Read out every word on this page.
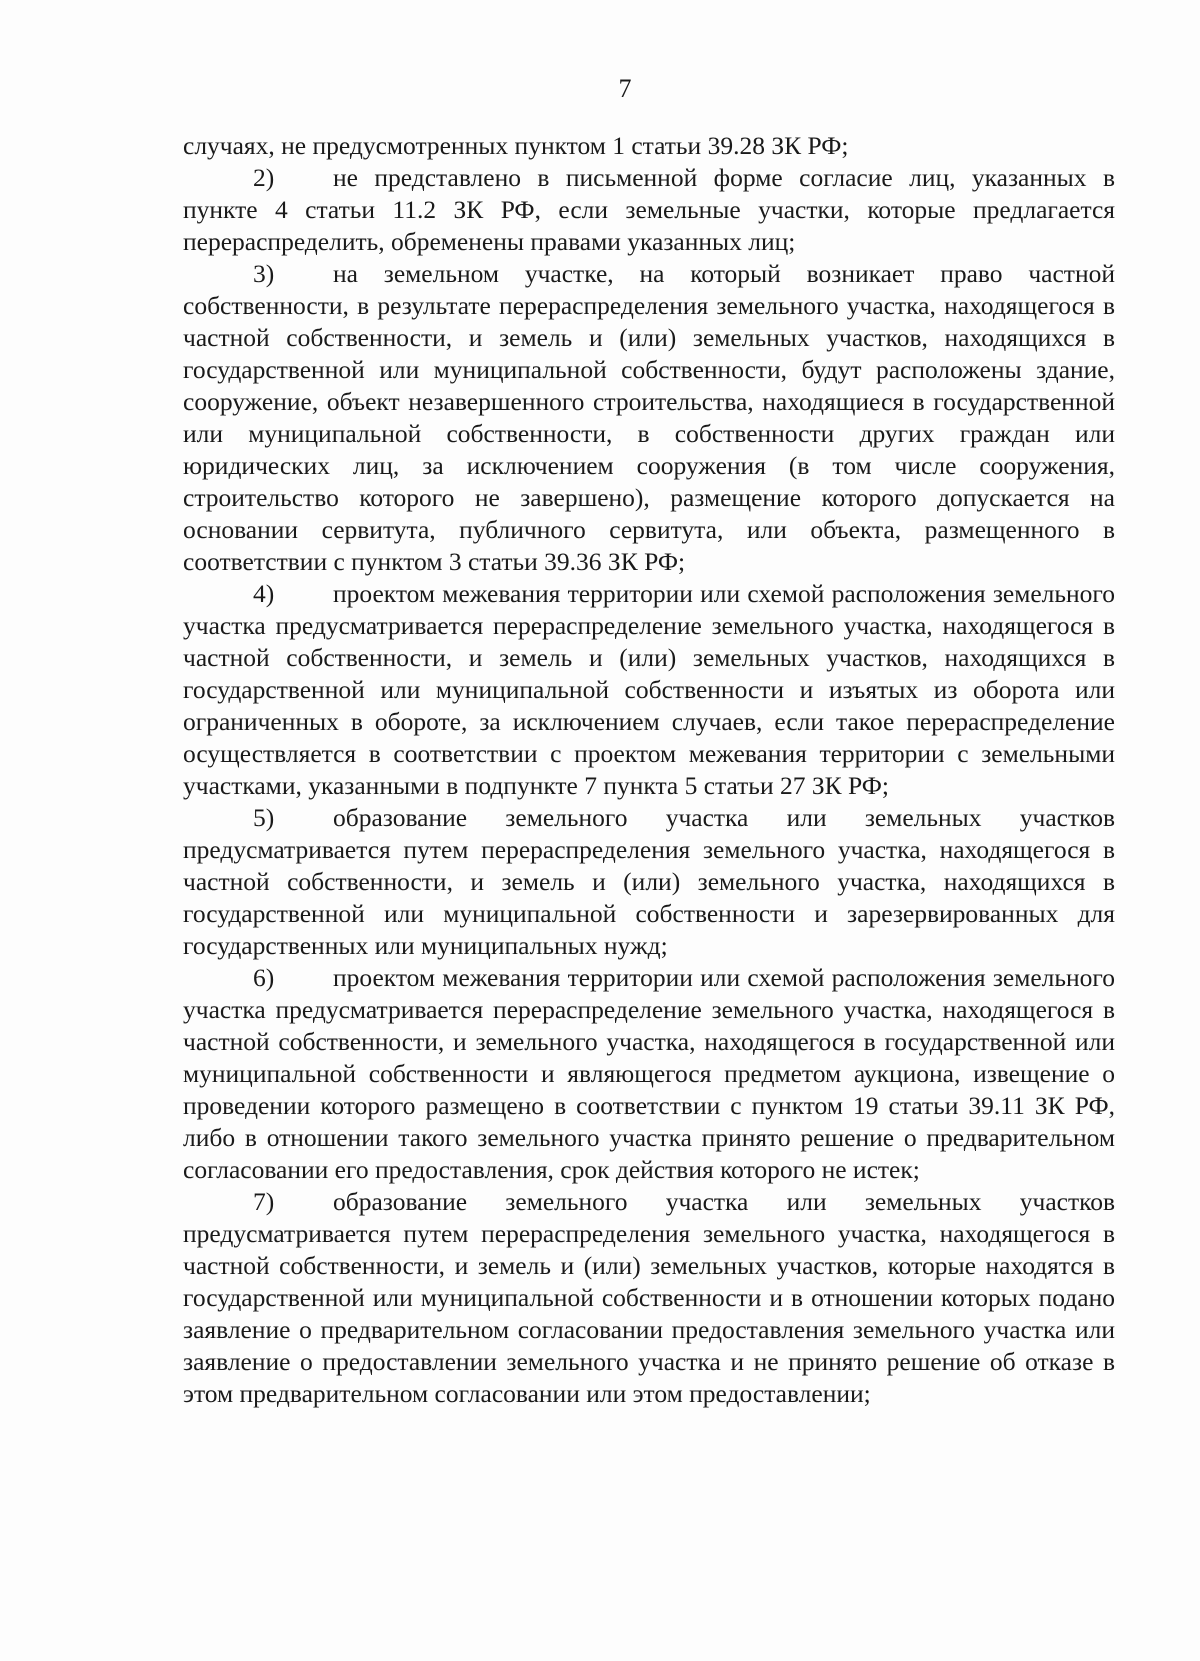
7

случаях, не предусмотренных пунктом 1 статьи 39.28 ЗК РФ;

2) не представлено в письменной форме согласие лиц, указанных в пункте 4 статьи 11.2 ЗК РФ, если земельные участки, которые предлагается перераспределить, обременены правами указанных лиц;

3) на земельном участке, на который возникает право частной собственности, в результате перераспределения земельного участка, находящегося в частной собственности, и земель и (или) земельных участков, находящихся в государственной или муниципальной собственности, будут расположены здание, сооружение, объект незавершенного строительства, находящиеся в государственной или муниципальной собственности, в собственности других граждан или юридических лиц, за исключением сооружения (в том числе сооружения, строительство которого не завершено), размещение которого допускается на основании сервитута, публичного сервитута, или объекта, размещенного в соответствии с пунктом 3 статьи 39.36 ЗК РФ;

4) проектом межевания территории или схемой расположения земельного участка предусматривается перераспределение земельного участка, находящегося в частной собственности, и земель и (или) земельных участков, находящихся в государственной или муниципальной собственности и изъятых из оборота или ограниченных в обороте, за исключением случаев, если такое перераспределение осуществляется в соответствии с проектом межевания территории с земельными участками, указанными в подпункте 7 пункта 5 статьи 27 ЗК РФ;

5) образование земельного участка или земельных участков предусматривается путем перераспределения земельного участка, находящегося в частной собственности, и земель и (или) земельного участка, находящихся в государственной или муниципальной собственности и зарезервированных для государственных или муниципальных нужд;

6) проектом межевания территории или схемой расположения земельного участка предусматривается перераспределение земельного участка, находящегося в частной собственности, и земельного участка, находящегося в государственной или муниципальной собственности и являющегося предметом аукциона, извещение о проведении которого размещено в соответствии с пунктом 19 статьи 39.11 ЗК РФ, либо в отношении такого земельного участка принято решение о предварительном согласовании его предоставления, срок действия которого не истек;

7) образование земельного участка или земельных участков предусматривается путем перераспределения земельного участка, находящегося в частной собственности, и земель и (или) земельных участков, которые находятся в государственной или муниципальной собственности и в отношении которых подано заявление о предварительном согласовании предоставления земельного участка или заявление о предоставлении земельного участка и не принято решение об отказе в этом предварительном согласовании или этом предоставлении;
